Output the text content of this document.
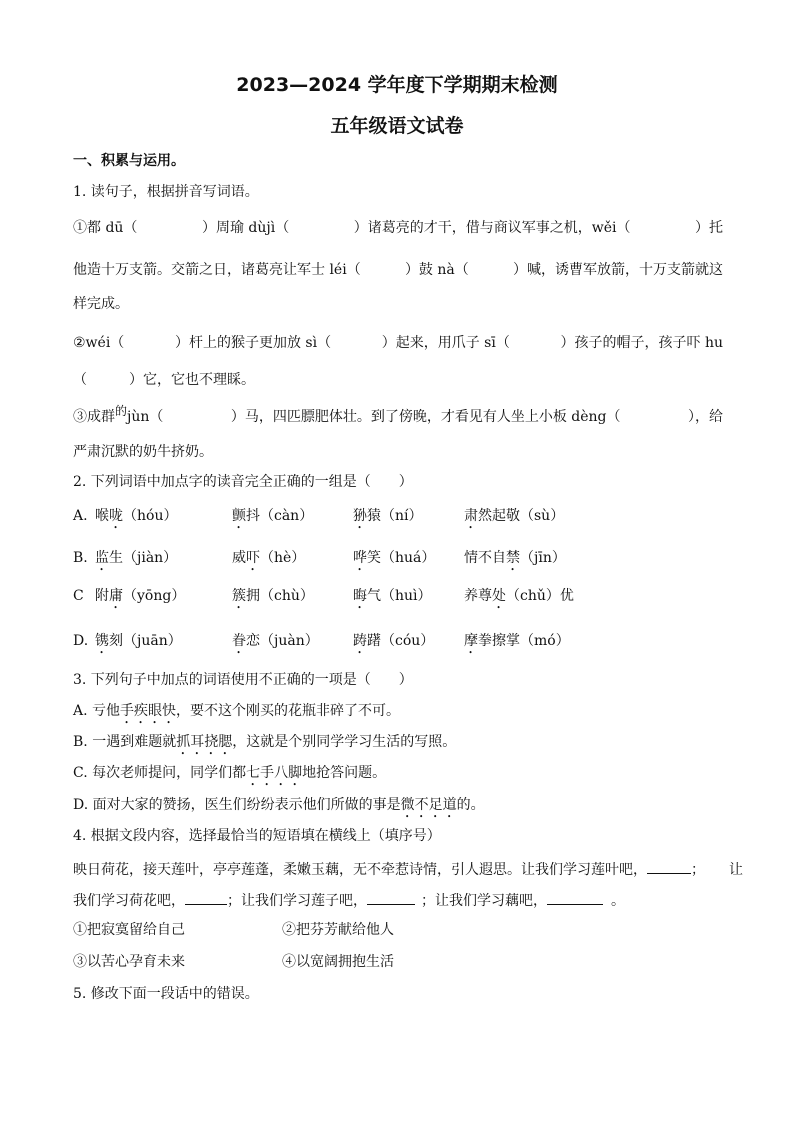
2023—2024 学年度下学期期末检测
五年级语文试卷
一、积累与运用。
1. 读句子，根据拼音写词语。
①都 dū（	）周瑜 dùjì（	）诸葛亮的才干，借与商议军事之机，wěi（	）托
他造十万支箭。交箭之日，诸葛亮让军士 léi（	）鼓 nà（	）喊，诱曹军放箭，十万支箭就这
样完成。
②wéi（	）杆上的猴子更加放 sì（	）起来，用爪子 sī（	）孩子的帽子，孩子吓 hu
（　　　）它，它也不理睬。
③成群的jùn（	）马，四匹膘肥体壮。到了傍晚，才看见有人坐上小板 dèng（	），给
严肃沉默的奶牛挤奶。
2. 下列词语中加点字的读音完全正确的一组是（　　）
A. 喉咙（hóu）	颤抖（càn）	狲猿（ní）	肃然起敬（sù）
B. 监生（jiàn）	威吓（hè）	哗笑（huá） 情不自禁（jīn）
C 附庸（yōng）	簇拥（chù）	晦气（huì） 养尊处（chǔ）优
D. 镌刻（juān）	眷恋（juàn） 踌躇（cóu） 摩拳擦掌（mó）
3. 下列句子中加点的词语使用不正确的一项是（　　）
A. 亏他手疾眼快，要不这个刚买的花瓶非碎了不可。
B. 一遇到难题就抓耳挠腮，这就是个别同学学习生活的写照。
C. 每次老师提问，同学们都七手八脚地抢答问题。
D. 面对大家的赞扬，医生们纷纷表示他们所做的事是微不足道的。
4. 根据文段内容，选择最恰当的短语填在横线上（填序号）
映日荷花，接天莲叶，亭亭莲蓬，柔嫩玉藕，无不牵惹诗情，引人遐思。让我们学习莲叶吧，	； 让
我们学习荷花吧，	；让我们学习莲子吧，	；让我们学习藕吧，	。
①把寂寞留给自己	②把芬芳献给他人
③以苦心孕育未来	④以宽阔拥抱生活
5. 修改下面一段话中的错误。
